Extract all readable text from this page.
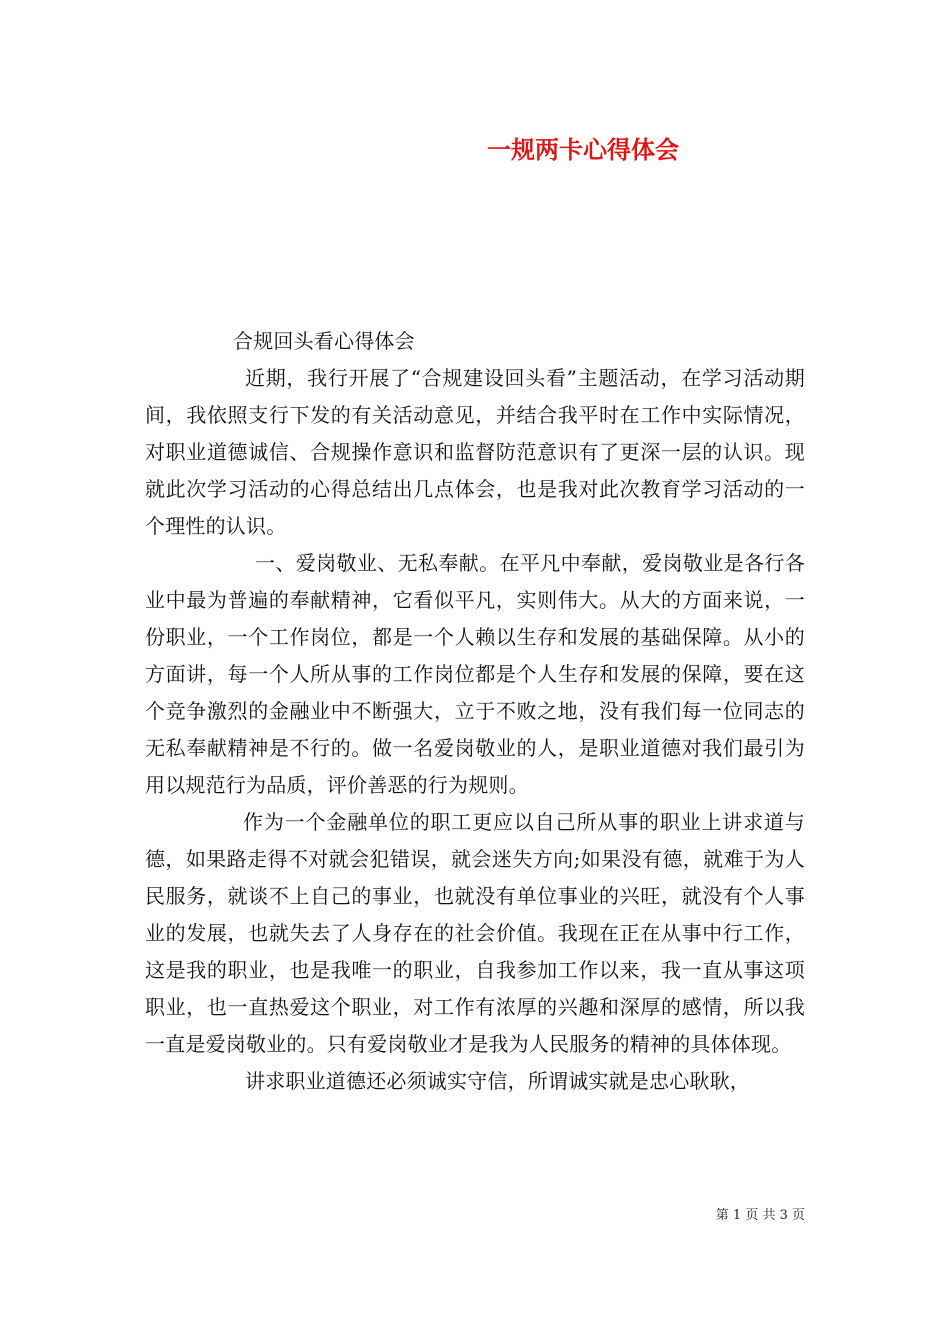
一规两卡心得体会

合规回头看心得体会

近期，我行开展了“合规建设回头看”主题活动，在学习活动期间，我依照支行下发的有关活动意见，并结合我平时在工作中实际情况，对职业道德诚信、合规操作意识和监督防范意识有了更深一层的认识。现就此次学习活动的心得总结出几点体会，也是我对此次教育学习活动的一个理性的认识。

一、爱岗敬业、无私奉献。在平凡中奉献，爱岗敬业是各行各业中最为普遍的奉献精神，它看似平凡，实则伟大。从大的方面来说，一份职业，一个工作岗位，都是一个人赖以生存和发展的基础保障。从小的方面讲，每一个人所从事的工作岗位都是个人生存和发展的保障，要在这个竞争激烈的金融业中不断强大，立于不败之地，没有我们每一位同志的无私奉献精神是不行的。做一名爱岗敬业的人，是职业道德对我们最引为用以规范行为品质，评价善恶的行为规则。

作为一个金融单位的职工更应以自己所从事的职业上讲求道与德，如果路走得不对就会犯错误，就会迷失方向;如果没有德，就难于为人民服务，就谈不上自己的事业，也就没有单位事业的兴旺，就没有个人事业的发展，也就失去了人身存在的社会价值。我现在正在从事中行工作，这是我的职业，也是我唯一的职业，自我参加工作以来，我一直从事这项职业，也一直热爱这个职业，对工作有浓厚的兴趣和深厚的感情，所以我一直是爱岗敬业的。只有爱岗敬业才是我为人民服务的精神的具体体现。

讲求职业道德还必须诚实守信，所谓诚实就是忠心耿耿，

第 1 页 共 3 页
